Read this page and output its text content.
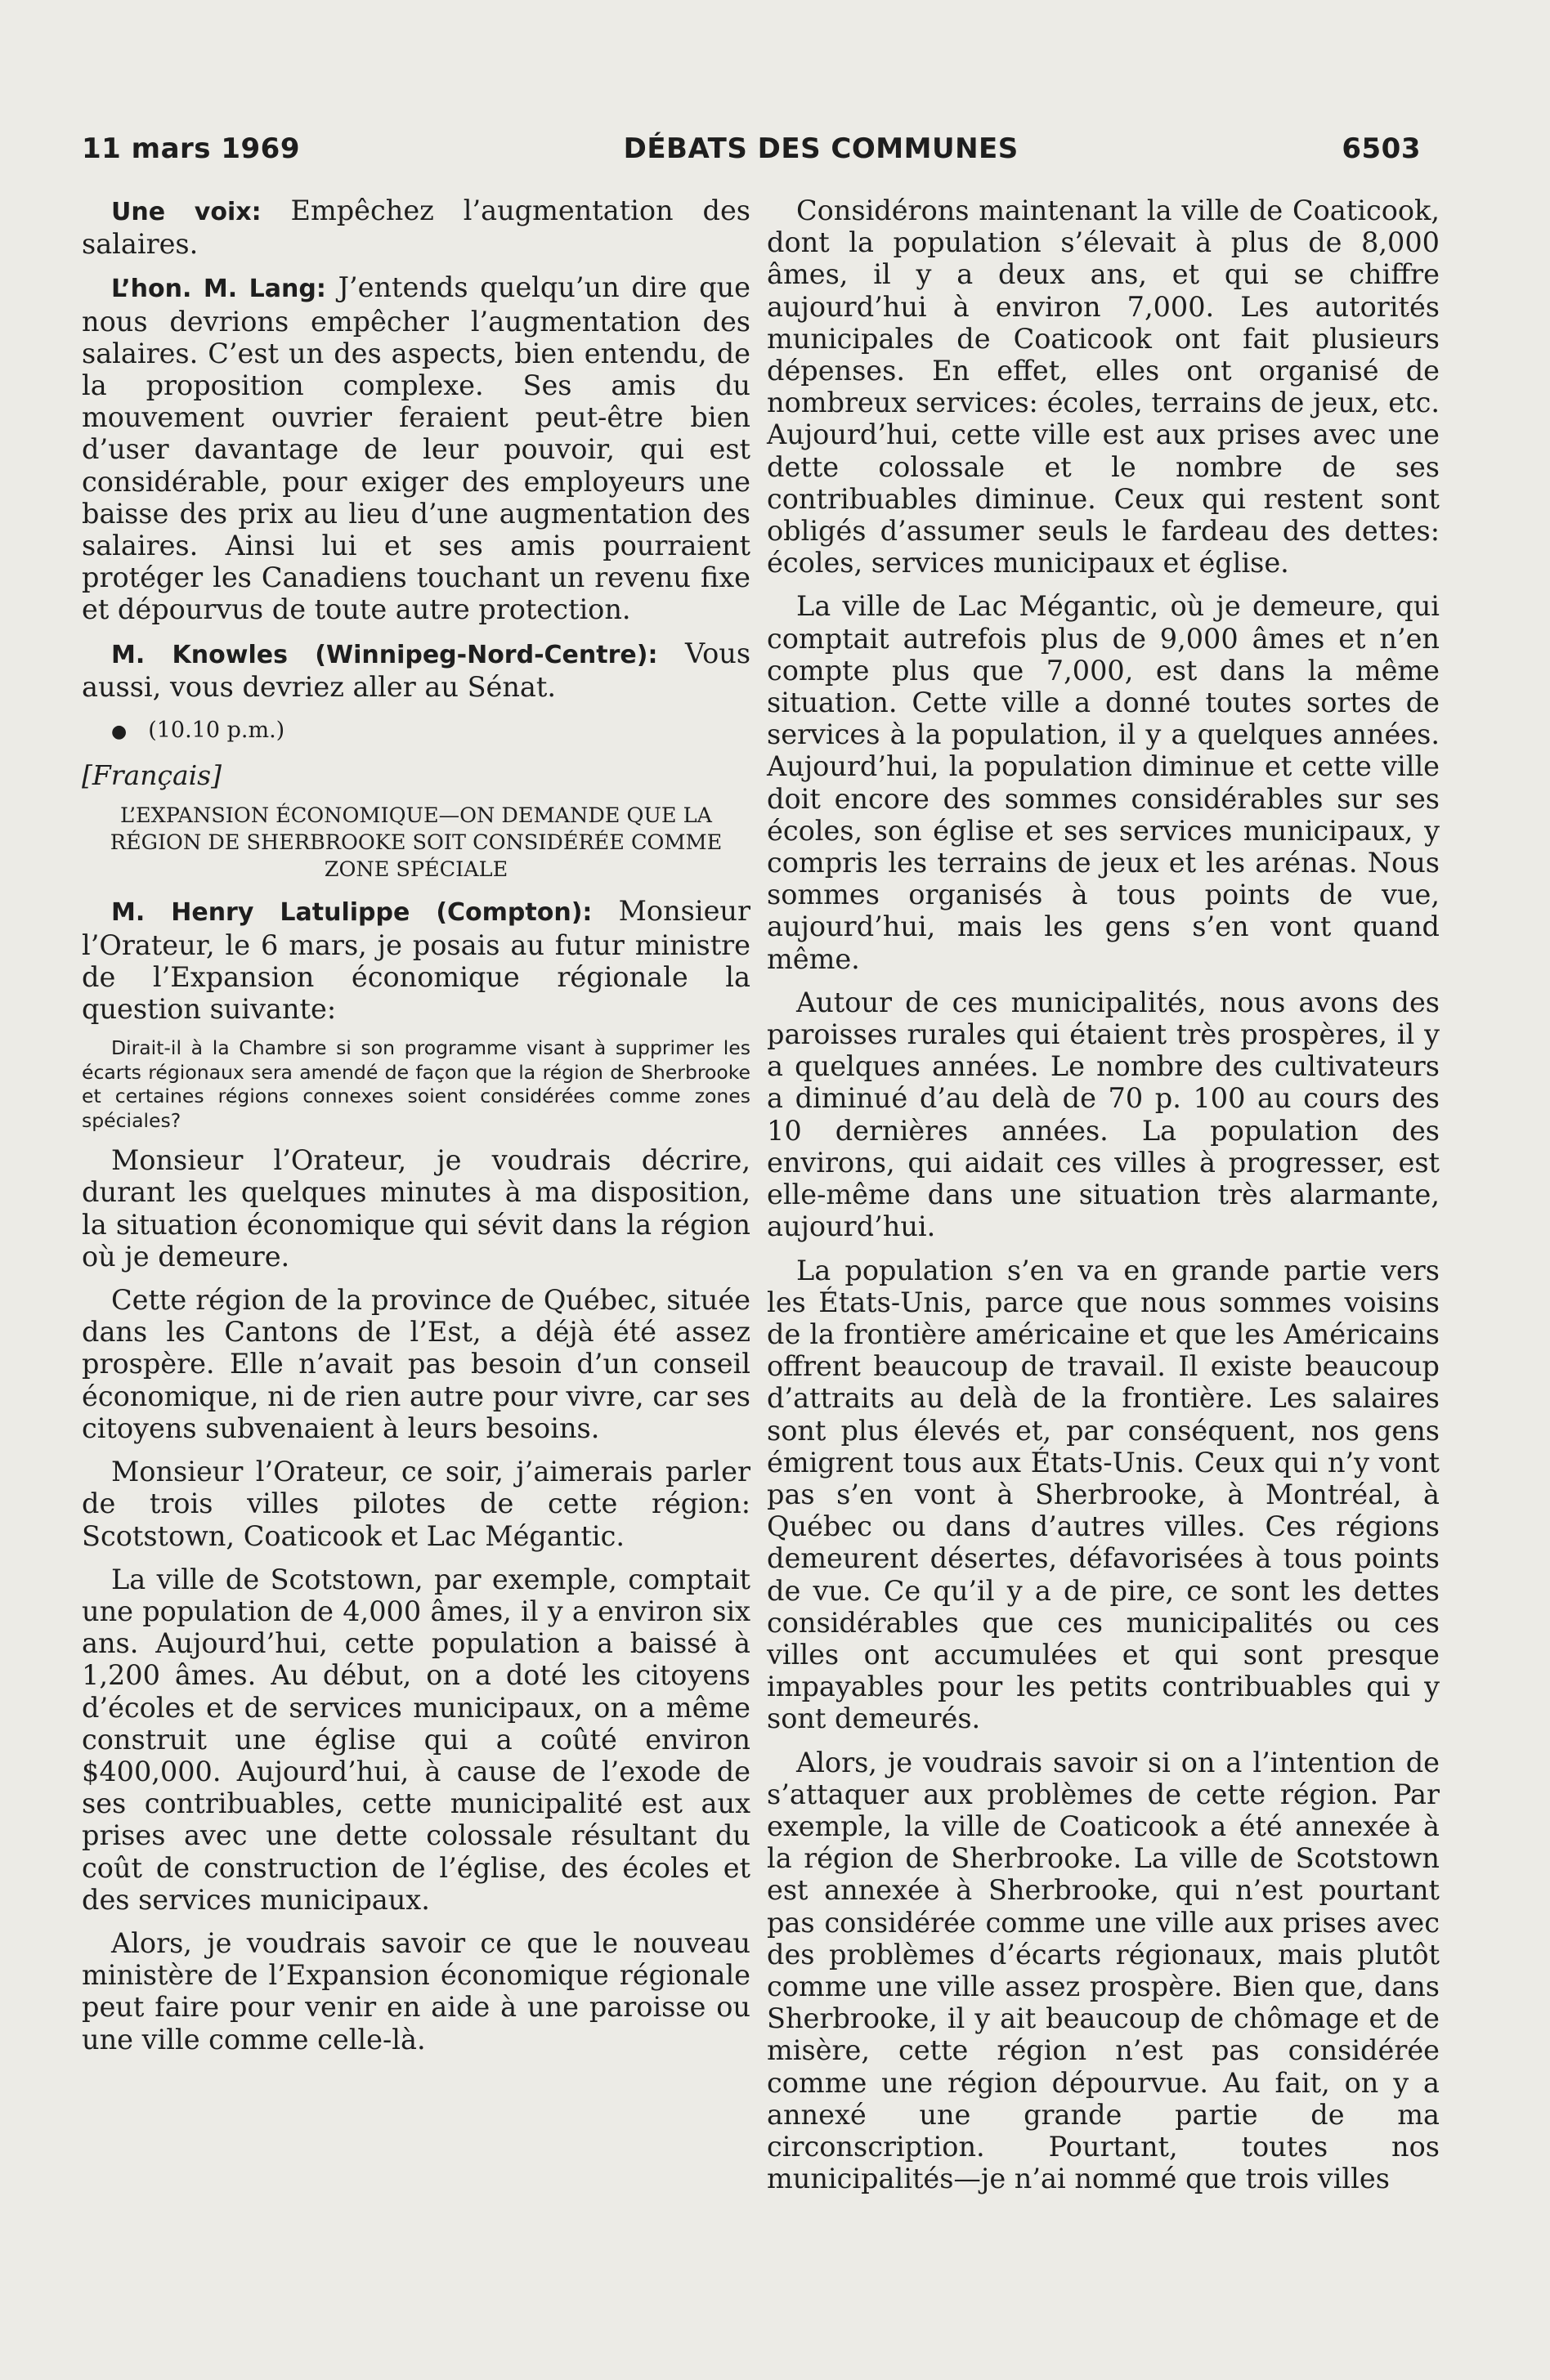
11 mars 1969	DÉBATS DES COMMUNES	6503

Une voix: Empêchez l’augmentation des salaires.

L’hon. M. Lang: J’entends quelqu’un dire que nous devrions empêcher l’augmentation des salaires. C’est un des aspects, bien entendu, de la proposition complexe. Ses amis du mouvement ouvrier feraient peut-être bien d’user davantage de leur pouvoir, qui est considérable, pour exiger des employeurs une baisse des prix au lieu d’une augmentation des salaires. Ainsi lui et ses amis pourraient protéger les Canadiens touchant un revenu fixe et dépourvus de toute autre protection.

M. Knowles (Winnipeg-Nord-Centre): Vous aussi, vous devriez aller au Sénat.

● (10.10 p.m.)

[Français]

L’EXPANSION ÉCONOMIQUE—ON DEMANDE QUE LA RÉGION DE SHERBROOKE SOIT CONSIDÉRÉE COMME ZONE SPÉCIALE

M. Henry Latulippe (Compton): Monsieur l’Orateur, le 6 mars, je posais au futur ministre de l’Expansion économique régionale la question suivante:

Dirait-il à la Chambre si son programme visant à supprimer les écarts régionaux sera amendé de façon que la région de Sherbrooke et certaines régions connexes soient considérées comme zones spéciales?

Monsieur l’Orateur, je voudrais décrire, durant les quelques minutes à ma disposition, la situation économique qui sévit dans la région où je demeure.

Cette région de la province de Québec, située dans les Cantons de l’Est, a déjà été assez prospère. Elle n’avait pas besoin d’un conseil économique, ni de rien autre pour vivre, car ses citoyens subvenaient à leurs besoins.

Monsieur l’Orateur, ce soir, j’aimerais parler de trois villes pilotes de cette région: Scotstown, Coaticook et Lac Mégantic.

La ville de Scotstown, par exemple, comptait une population de 4,000 âmes, il y a environ six ans. Aujourd’hui, cette population a baissé à 1,200 âmes. Au début, on a doté les citoyens d’écoles et de services municipaux, on a même construit une église qui a coûté environ $400,000. Aujourd’hui, à cause de l’exode de ses contribuables, cette municipalité est aux prises avec une dette colossale résultant du coût de construction de l’église, des écoles et des services municipaux.

Alors, je voudrais savoir ce que le nouveau ministère de l’Expansion économique régionale peut faire pour venir en aide à une paroisse ou une ville comme celle-là.

Considérons maintenant la ville de Coaticook, dont la population s’élevait à plus de 8,000 âmes, il y a deux ans, et qui se chiffre aujourd’hui à environ 7,000. Les autorités municipales de Coaticook ont fait plusieurs dépenses. En effet, elles ont organisé de nombreux services: écoles, terrains de jeux, etc. Aujourd’hui, cette ville est aux prises avec une dette colossale et le nombre de ses contribuables diminue. Ceux qui restent sont obligés d’assumer seuls le fardeau des dettes: écoles, services municipaux et église.

La ville de Lac Mégantic, où je demeure, qui comptait autrefois plus de 9,000 âmes et n’en compte plus que 7,000, est dans la même situation. Cette ville a donné toutes sortes de services à la population, il y a quelques années. Aujourd’hui, la population diminue et cette ville doit encore des sommes considérables sur ses écoles, son église et ses services municipaux, y compris les terrains de jeux et les arénas. Nous sommes organisés à tous points de vue, aujourd’hui, mais les gens s’en vont quand même.

Autour de ces municipalités, nous avons des paroisses rurales qui étaient très prospères, il y a quelques années. Le nombre des cultivateurs a diminué d’au delà de 70 p. 100 au cours des 10 dernières années. La population des environs, qui aidait ces villes à progresser, est elle-même dans une situation très alarmante, aujourd’hui.

La population s’en va en grande partie vers les États-Unis, parce que nous sommes voisins de la frontière américaine et que les Américains offrent beaucoup de travail. Il existe beaucoup d’attraits au delà de la frontière. Les salaires sont plus élevés et, par conséquent, nos gens émigrent tous aux États-Unis. Ceux qui n’y vont pas s’en vont à Sherbrooke, à Montréal, à Québec ou dans d’autres villes. Ces régions demeurent désertes, défavorisées à tous points de vue. Ce qu’il y a de pire, ce sont les dettes considérables que ces municipalités ou ces villes ont accumulées et qui sont presque impayables pour les petits contribuables qui y sont demeurés.

Alors, je voudrais savoir si on a l’intention de s’attaquer aux problèmes de cette région. Par exemple, la ville de Coaticook a été annexée à la région de Sherbrooke. La ville de Scotstown est annexée à Sherbrooke, qui n’est pourtant pas considérée comme une ville aux prises avec des problèmes d’écarts régionaux, mais plutôt comme une ville assez prospère. Bien que, dans Sherbrooke, il y ait beaucoup de chômage et de misère, cette région n’est pas considérée comme une région dépourvue. Au fait, on y a annexé une grande partie de ma circonscription. Pourtant, toutes nos municipalités—je n’ai nommé que trois villes
